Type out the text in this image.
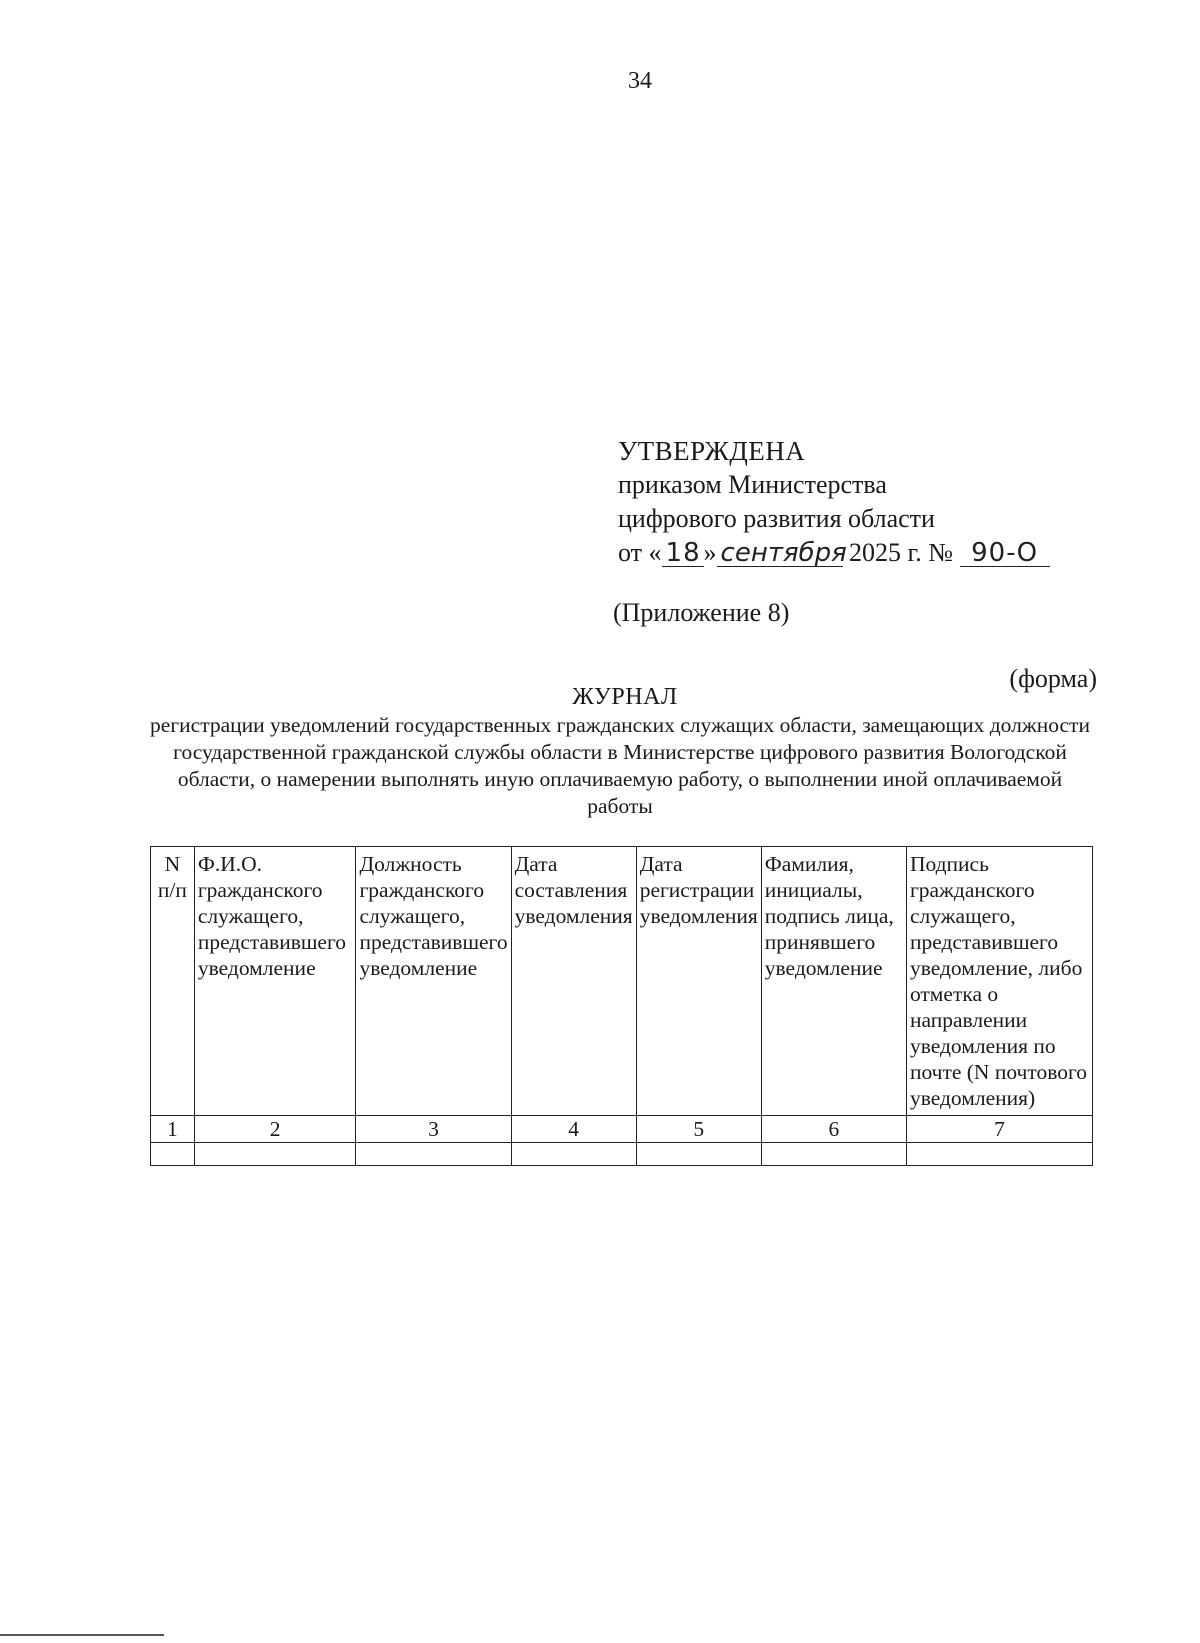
34
УТВЕРЖДЕНА
приказом Министерства
цифрового развития области
от « 18 » сентября 2025 г. № 90-О
(Приложение 8)
(форма)
ЖУРНАЛ
регистрации уведомлений государственных гражданских служащих области, замещающих должности государственной гражданской службы области в Министерстве цифрового развития Вологодской области, о намерении выполнять иную оплачиваемую работу, о выполнении иной оплачиваемой работы
N п/п	Ф.И.О. гражданского служащего, представившего уведомление	Должность гражданского служащего, представившего уведомление	Дата составления уведомления	Дата регистрации уведомления	Фамилия, инициалы, подпись лица, принявшего уведомление	Подпись гражданского служащего, представившего уведомление, либо отметка о направлении уведомления по почте (N почтового уведомления)
1	2	3	4	5	6	7
